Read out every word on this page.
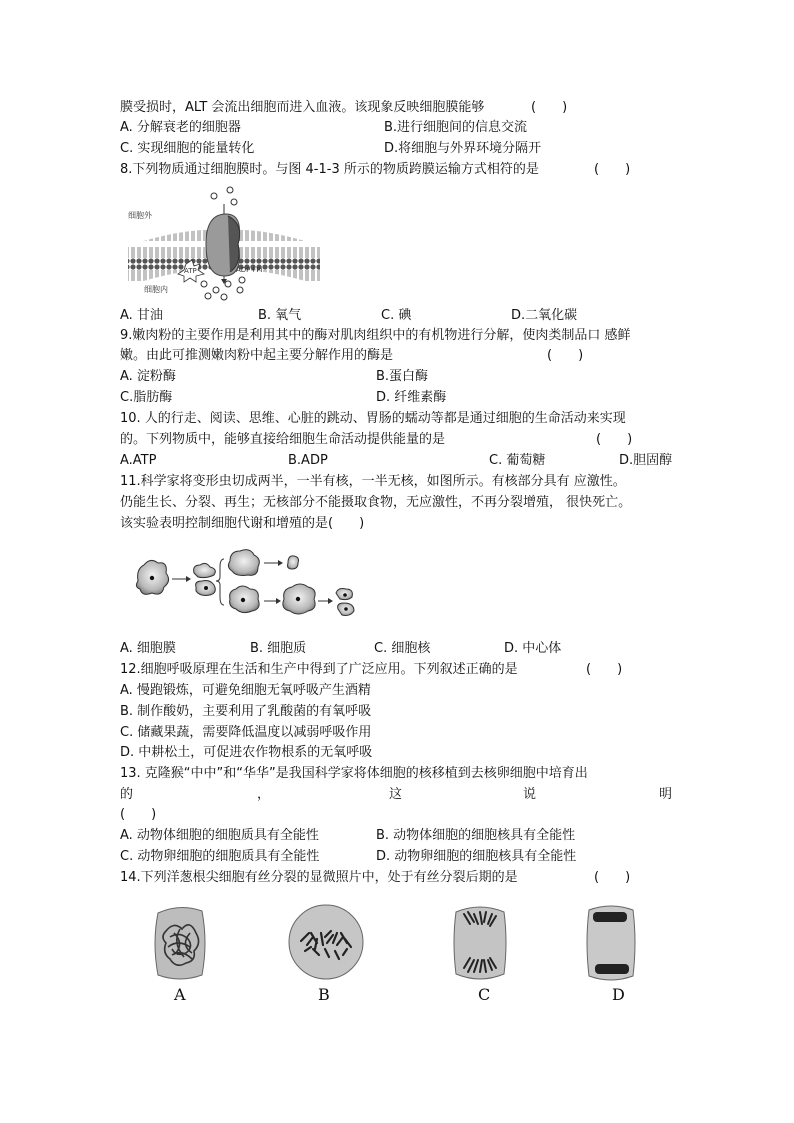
膜受损时，ALT 会流出细胞而进入血液。该现象反映细胞膜能够	(　　)
A. 分解衰老的细胞器	B.进行细胞间的信息交流
C. 实现细胞的能量转化	D.将细胞与外界环境分隔开
8.下列物质通过细胞膜时。与图 4-1-3 所示的物质跨膜运输方式相符的是	(　　)
细胞外
细胞内
ATP	ADP+Pi
A. 甘油	B. 氧气	C. 碘	D.二氧化碳
9.嫩肉粉的主要作用是利用其中的酶对肌肉组织中的有机物进行分解，使肉类制品口 感鲜
嫩。由此可推测嫩肉粉中起主要分解作用的酶是	(　　)
A. 淀粉酶	B.蛋白酶
C.脂肪酶	D. 纤维素酶
10. 人的行走、阅读、思维、心脏的跳动、胃肠的蠕动等都是通过细胞的生命活动来实现
的。下列物质中，能够直接给细胞生命活动提供能量的是	(　　)
A.ATP	B.ADP	C. 葡萄糖	D.胆固醇
11.科学家将变形虫切成两半，一半有核，一半无核，如图所示。有核部分具有 应激性。
仍能生长、分裂、再生；无核部分不能摄取食物，无应激性，不再分裂增殖， 很快死亡。
该实验表明控制细胞代谢和增殖的是(　　)
A. 细胞膜	B. 细胞质	C. 细胞核	D. 中心体
12.细胞呼吸原理在生活和生产中得到了广泛应用。下列叙述正确的是	(　　)
A. 慢跑锻炼，可避免细胞无氧呼吸产生酒精
B. 制作酸奶，主要利用了乳酸菌的有氧呼吸
C. 储藏果蔬，需要降低温度以减弱呼吸作用
D. 中耕松土，可促进农作物根系的无氧呼吸
13. 克隆猴“中中”和“华华”是我国科学家将体细胞的核移植到去核卵细胞中培育出
的	，	这	说	明
(　　)
A. 动物体细胞的细胞质具有全能性	B. 动物体细胞的细胞核具有全能性
C. 动物卵细胞的细胞质具有全能性	D. 动物卵细胞的细胞核具有全能性
14.下列洋葱根尖细胞有丝分裂的显微照片中，处于有丝分裂后期的是	(　　)
A	B	C	D
